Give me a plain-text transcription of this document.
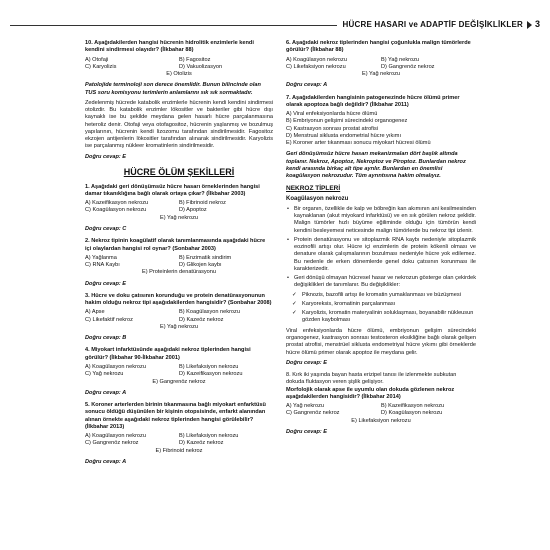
HÜCRE HASARI ve ADAPTİF DEĞİŞİKLİKLER 3
10. Aşağıdakilerden hangisi hücrenin hidrolitik enzimlerle kendi kendini sindirmesi olayıdır? (İlkbahar 88)
A) Otofaji	B) Fagositoz
C) Karyolizis	D) Vakuolizasyon
E) Otolizis
Patolojide terminoloji son derece önemlidir. Bunun bilincinde olan TUS soru komisyonu terimlerin anlamlarını sık sık sormaktadır.

Zedelenmiş hücrede katabolik enzimlerle hücrenin kendi kendini sindirmesi otolizdir. Bu katabolik enzimler lökositler ve bakteriler gibi hücre dışı kaynaklı ise bu şekilde meydana gelen hasarlı hücre parçalanmasına heteroliz denir. Otofaji veya otofagositoz, hücrenin yaşlanmış ve bozulmuş yapılarının, hücrenin kendi lizozomu tarafından sindirilmesidir. Fagositoz ekzojen antijenlerin lökositler tarafından alınarak sindirilmesidir. Karyolizis ise parçalanmış nükleer kromatinlerin sindirilmesidir.

Doğru cevap: E
HÜCRE ÖLÜM ŞEKİLLERİ
1. Aşağıdaki geri dönüşümsüz hücre hasarı örneklerinden hangisi damar tıkanıklığına bağlı olarak ortaya çıkar? (İlkbahar 2003)
A) Kazeifikasyon nekrozu	B) Fibrinoid nekroz
C) Koagülasyon nekrozu	D) Apoptoz
E) Yağ nekrozu
Doğru cevap: C
2. Nekroz tipinin koagülatif olarak tanımlanmasında aşağıdaki hücre içi olaylardan hangisi rol oynar? (Sonbahar 2003)
A) Yağlanma	B) Enzimatik sindirim
C) RNA Kaybı	D) Glikojen kaybı
E) Proteinlerin denatürasyonu
Doğru cevap: E
3. Hücre ve doku çatısının korunduğu ve protein denatürasyonunun hakim olduğu nekroz tipi aşağıdakilerden hangisidir? (Sonbahar 2008)
A) Apse	B) Koagülasyon nekrozu
C) Likefaktif nekroz	D) Kazeöz nekroz
E) Yağ nekrozu
Doğru cevap: B
4. Miyokart infarktüsünde aşağıdaki nekroz tiplerinden hangisi görülür? (İlkbahar 90-İlkbahar 2001)
A) Koagülasyon nekrozu	B) Likefaksiyon nekrozu
C) Yağ nekrozu	D) Kazeifikasyon nekrozu
E) Gangrenöz nekroz
Doğru cevap: A
5. Koroner arterlerden birinin tıkanmasına bağlı miyokart enfarktüsü sonucu öldüğü düşünülen bir kişinin otopsisinde, enfarkt alanından alınan örnekte aşağıdaki nekroz tiplerinden hangisi görülebilir? (İlkbahar 2013)
A) Koagülasyon nekrozu	B) Likefaksiyon nekrozu
C) Gangrenöz nekroz	D) Kazeöz nekroz
E) Fibrinoid nekroz
Doğru cevap: A
6. Aşağıdaki nekroz tiplerinden hangisi çoğunlukla malign tümörlerde görülür? (İlkbahar 88)
A) Koagülasyon nekrozu	B) Yağ nekrozu
C) Likefaksiyon nekrozu	D) Gangrenöz nekroz
E) Yağ nekrozu
Doğru cevap: A
7. Aşağıdakilerden hangisinin patogenezinde hücre ölümü primer olarak apoptoza bağlı değildir? (İlkbahar 2011)
A) Viral enfeksiyonlarda hücre ölümü
B) Embriyonun gelişimi sürecindeki organogenez
C) Kastrasyon sonrası prostat atrofisi
D) Menstrual siklusta endometrial hücre yıkımı
E) Koroner arter tıkanması sonucu miyokart hücresi ölümü
Geri dönüşümsüz hücre hasarı mekanizmaları dört başlık altında toplanır. Nekroz, Apoptoz, Nekroptoz ve Piroptoz. Bunlardan nekroz kendi arasında birkaç alt tipe ayrılır. Bunlardan en önemlisi koagülasyon nekrozudur. Tüm ayrıntısına hakim olmalıyız.
NEKROZ TİPLERİ
Koagülasyon nekrozu
• Bir organın, özellikle de kalp ve böbreğin kan akımının ani kesilmesinden kaynaklanan (akut miyokard infarktüsü) ve en sık görülen nekroz şeklidir. Malign tümörler hızlı büyüme eğiliminde olduğu için tümörün kendi kendini besleyemesi neticesinde malign tümörlerde bu nekroz tipi izlenir.
• Protein denatürasyonu ve sitoplazmik RNA kaybı nedeniyle sitoplazmik eozinofili artışı olur. Hücre içi enzimlerin de protein kökenli olması ve denature olarak çalışmalarının bozulması nedeniyle hücre yok edilemez. Bu nedenle de erken dönemlerde genel doku çatısının korunması ile karakterizedir.
• Geri dönüşü olmayan hücresel hasar ve nekrozun gösterge olan çekirdek değişiklikleri de tanımlanır. Bu değişiklikler:
✓ Piknozis, bazofili artışı ile kromatin yumaklanması ve büzüşmesi
✓ Karyoreksis, kromatinin parçalanması
✓ Karyolizis, kromatin materyalinin soluklaşması, boyanabilir nükleusun gözden kaybolması

Viral enfeksiyonlarda hücre ölümü, embriyonun gelişim sürecindeki organogenez, kastrasyon sonrası testosteron eksikliğine bağlı olarak gelişen prostat atrofisi, menstrüel siklusta endometriyal hücre yıkımı gibi örneklerde hücre ölümü primer olarak apoptoz ile meydana gelir.

Doğru cevap: E
8. Kırk iki yaşında bayan hasta erizipel tanısı ile izlenmekte subkutan dokuda fluktasyon veren şişlik gelişiyor.
Morfolojik olarak apse ile uyumlu olan dokuda gözlenen nekroz aşağıdakilerden hangisidir? (İlkbahar 2014)
A) Yağ nekrozu	B) Kazeifikasyon nekrozu
C) Gangrenöz nekroz	D) Koagülasyon nekrozu
E) Likefaksiyon nekrozu
Doğru cevap: E
